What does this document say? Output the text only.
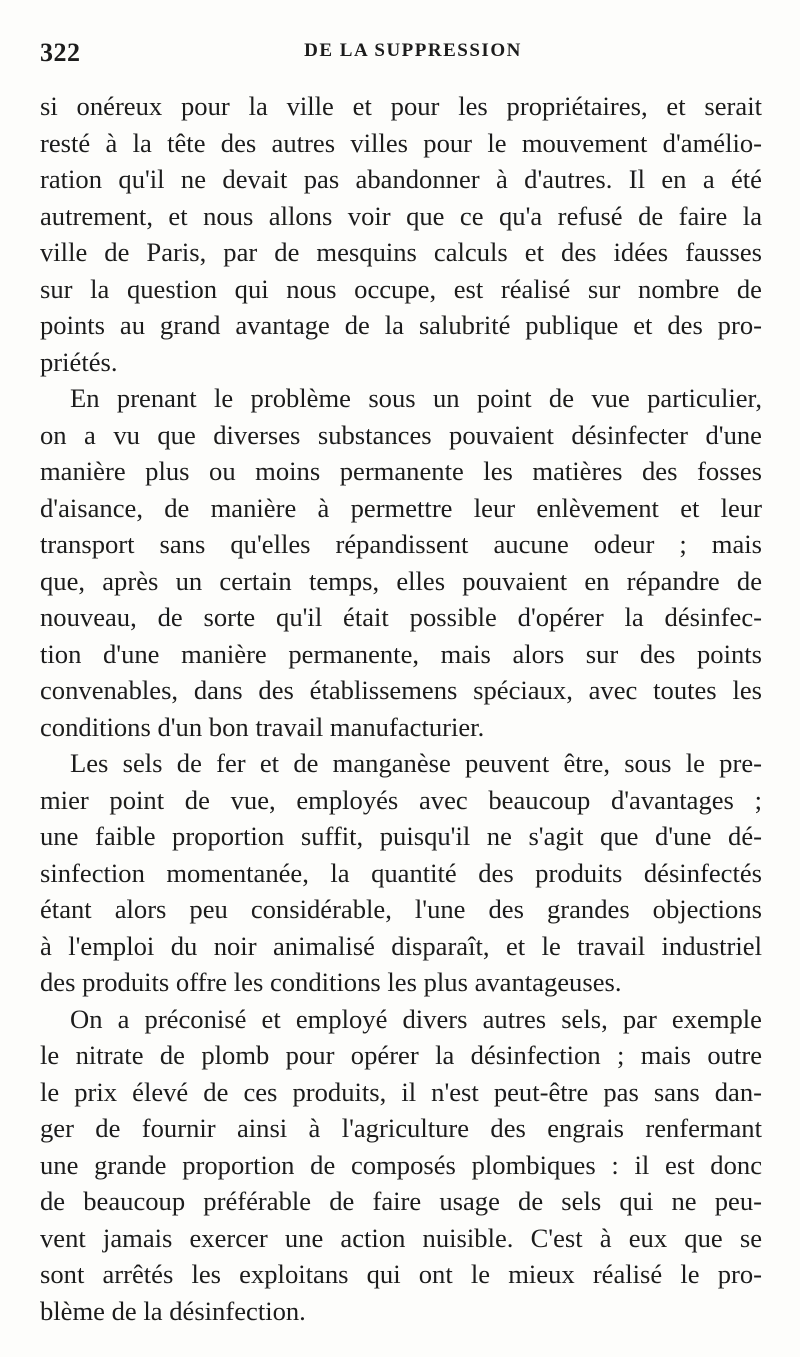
322	DE LA SUPPRESSION

si onéreux pour la ville et pour les propriétaires, et serait
resté à la tête des autres villes pour le mouvement d'amélio-
ration qu'il ne devait pas abandonner à d'autres. Il en a été
autrement, et nous allons voir que ce qu'a refusé de faire la
ville de Paris, par de mesquins calculs et des idées fausses
sur la question qui nous occupe, est réalisé sur nombre de
points au grand avantage de la salubrité publique et des pro-
priétés.

En prenant le problème sous un point de vue particulier,
on a vu que diverses substances pouvaient désinfecter d'une
manière plus ou moins permanente les matières des fosses
d'aisance, de manière à permettre leur enlèvement et leur
transport sans qu'elles répandissent aucune odeur ; mais
que, après un certain temps, elles pouvaient en répandre de
nouveau, de sorte qu'il était possible d'opérer la désinfec-
tion d'une manière permanente, mais alors sur des points
convenables, dans des établissemens spéciaux, avec toutes les
conditions d'un bon travail manufacturier.

Les sels de fer et de manganèse peuvent être, sous le pre-
mier point de vue, employés avec beaucoup d'avantages ;
une faible proportion suffit, puisqu'il ne s'agit que d'une dé-
sinfection momentanée, la quantité des produits désinfectés
étant alors peu considérable, l'une des grandes objections
à l'emploi du noir animalisé disparaît, et le travail industriel
des produits offre les conditions les plus avantageuses.

On a préconisé et employé divers autres sels, par exemple
le nitrate de plomb pour opérer la désinfection ; mais outre
le prix élevé de ces produits, il n'est peut-être pas sans dan-
ger de fournir ainsi à l'agriculture des engrais renfermant
une grande proportion de composés plombiques : il est donc
de beaucoup préférable de faire usage de sels qui ne peu-
vent jamais exercer une action nuisible. C'est à eux que se
sont arrêtés les exploitans qui ont le mieux réalisé le pro-
blème de la désinfection.
